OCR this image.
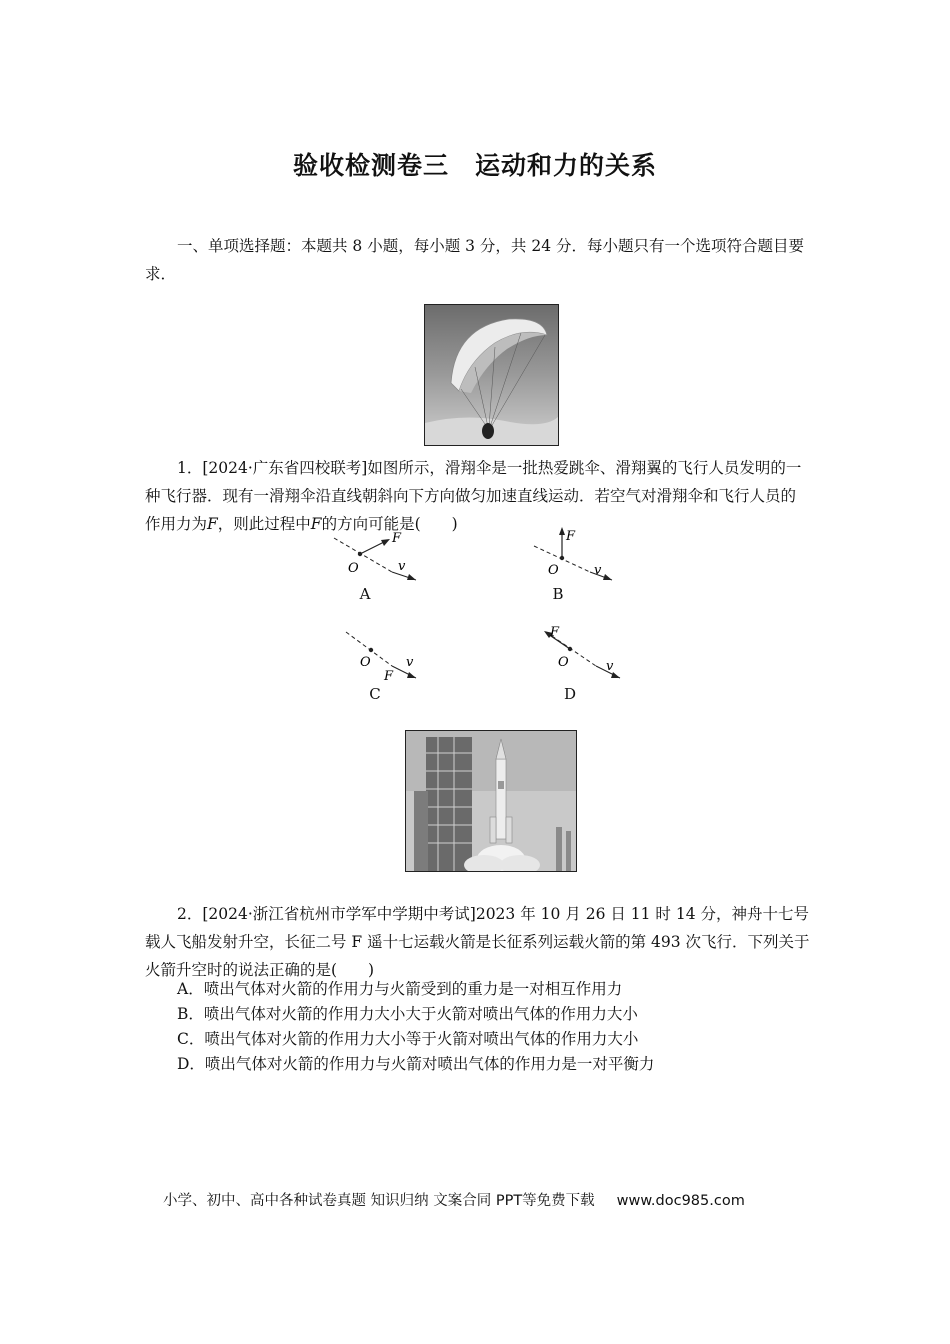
验收检测卷三　运动和力的关系
一、单项选择题：本题共 8 小题，每小题 3 分，共 24 分．每小题只有一个选项符合题目要求．
1．[2024·广东省四校联考]如图所示，滑翔伞是一批热爱跳伞、滑翔翼的飞行人员发明的一种飞行器．现有一滑翔伞沿直线朝斜向下方向做匀加速直线运动．若空气对滑翔伞和飞行人员的作用力为F，则此过程中F的方向可能是(　　)
O
F
v
A
O
F
v
B
O
F
v
C
O
F
v
D
2．[2024·浙江省杭州市学军中学期中考试]2023 年 10 月 26 日 11 时 14 分，神舟十七号载人飞船发射升空，长征二号 F 遥十七运载火箭是长征系列运载火箭的第 493 次飞行．下列关于火箭升空时的说法正确的是(　　)
A．喷出气体对火箭的作用力与火箭受到的重力是一对相互作用力
B．喷出气体对火箭的作用力大小大于火箭对喷出气体的作用力大小
C．喷出气体对火箭的作用力大小等于火箭对喷出气体的作用力大小
D．喷出气体对火箭的作用力与火箭对喷出气体的作用力是一对平衡力
小学、初中、高中各种试卷真题 知识归纳 文案合同 PPT等免费下载 www.doc985.com
